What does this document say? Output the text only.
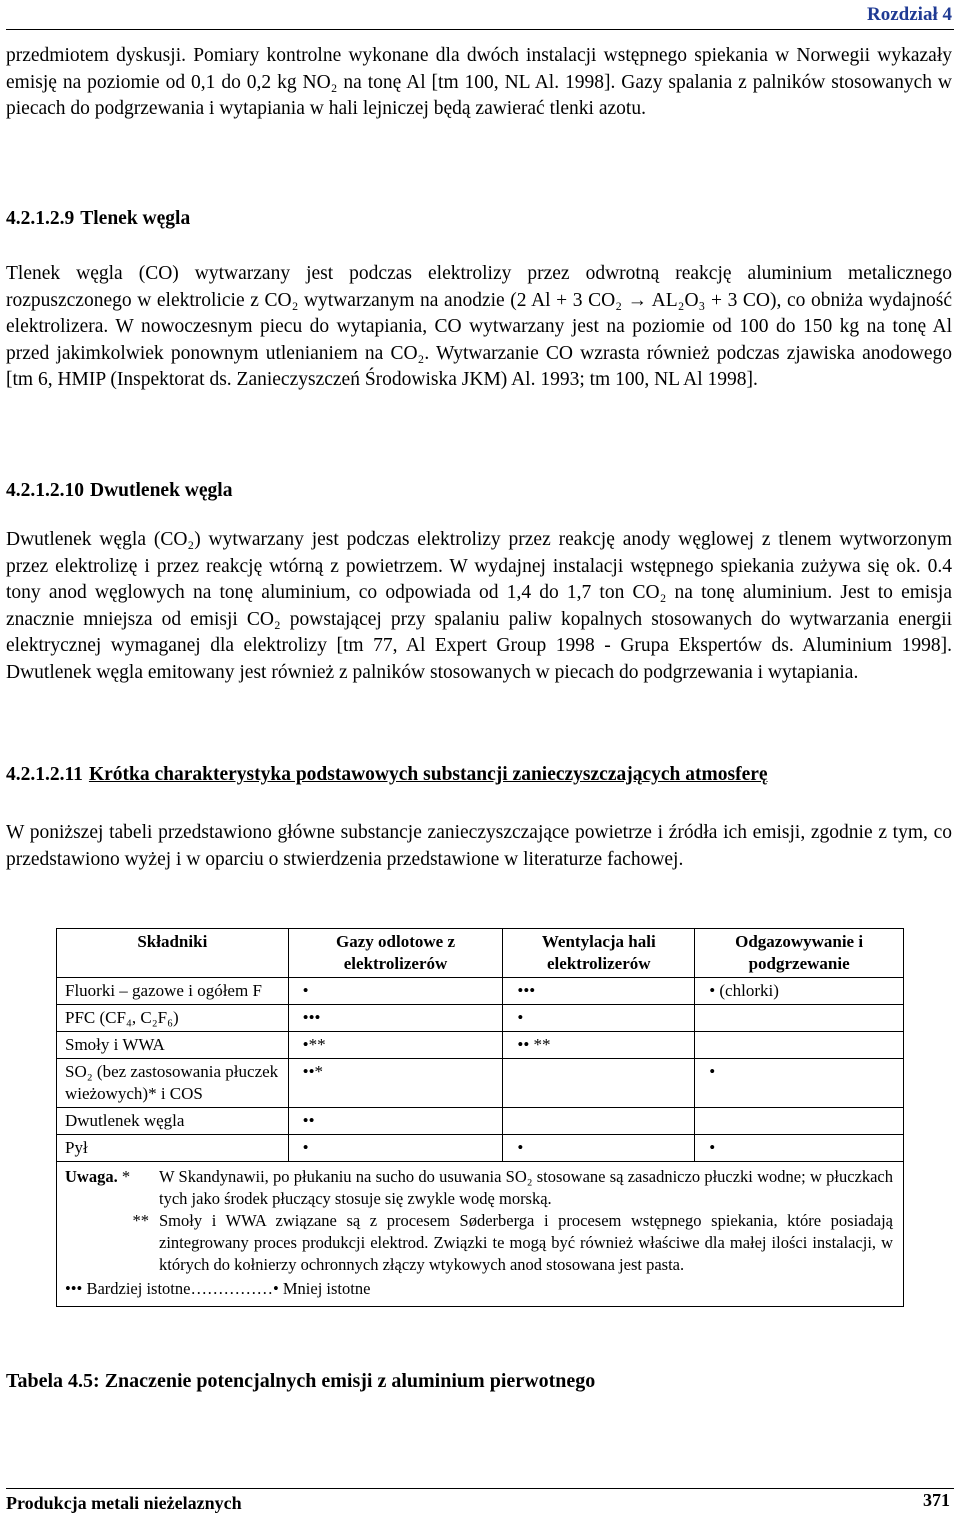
Rozdział 4

przedmiotem dyskusji. Pomiary kontrolne wykonane dla dwóch instalacji wstępnego spiekania w Norwegii wykazały emisję na poziomie od 0,1 do 0,2 kg NO₂ na tonę Al [tm 100, NL Al. 1998]. Gazy spalania z palników stosowanych w piecach do podgrzewania i wytapiania w hali lejniczej będą zawierać tlenki azotu.

4.2.1.2.9 Tlenek węgla

Tlenek węgla (CO) wytwarzany jest podczas elektrolizy przez odwrotną reakcję aluminium metalicznego rozpuszczonego w elektrolicie z CO₂ wytwarzanym na anodzie (2 Al + 3 CO₂ → AL₂O₃ + 3 CO), co obniża wydajność elektrolizera. W nowoczesnym piecu do wytapiania, CO wytwarzany jest na poziomie od 100 do 150 kg na tonę Al przed jakimkolwiek ponownym utlenianiem na CO₂. Wytwarzanie CO wzrasta również podczas zjawiska anodowego [tm 6, HMIP (Inspektorat ds. Zanieczyszczeń Środowiska JKM) Al. 1993; tm 100, NL Al 1998].

4.2.1.2.10 Dwutlenek węgla

Dwutlenek węgla (CO₂) wytwarzany jest podczas elektrolizy przez reakcję anody węglowej z tlenem wytworzonym przez elektrolizę i przez reakcję wtórną z powietrzem. W wydajnej instalacji wstępnego spiekania zużywa się ok. 0.4 tony anod węglowych na tonę aluminium, co odpowiada od 1,4 do 1,7 ton CO₂ na tonę aluminium. Jest to emisja znacznie mniejsza od emisji CO₂ powstającej przy spalaniu paliw kopalnych stosowanych do wytwarzania energii elektrycznej wymaganej dla elektrolizy [tm 77, Al Expert Group 1998 - Grupa Ekspertów ds. Aluminium 1998]. Dwutlenek węgla emitowany jest również z palników stosowanych w piecach do podgrzewania i wytapiania.

4.2.1.2.11 Krótka charakterystyka podstawowych substancji zanieczyszczających atmosferę

W poniższej tabeli przedstawiono główne substancje zanieczyszczające powietrze i źródła ich emisji, zgodnie z tym, co przedstawiono wyżej i w oparciu o stwierdzenia przedstawione w literaturze fachowej.

Składniki	Gazy odlotowe z elektrolizerów	Wentylacja hali elektrolizerów	Odgazowywanie i podgrzewanie
Fluorki – gazowe i ogółem F	•	•••	• (chlorki)
PFC (CF₄, C₂F₆)	•••	•	
Smoły i WWA	•**	•• **	
SO₂ (bez zastosowania płuczek wieżowych)* i COS	••*		•
Dwutlenek węgla	••		
Pył	•	•	•

Uwaga. * W Skandynawii, po płukaniu na sucho do usuwania SO₂ stosowane są zasadniczo płuczki wodne; w płuczkach tych jako środek płuczący stosuje się zwykle wodę morską.
** Smoły i WWA związane są z procesem Søderberga i procesem wstępnego spiekania, które posiadają zintegrowany proces produkcji elektrod. Związki te mogą być również właściwe dla małej ilości instalacji, w których do kołnierzy ochronnych złączy wtykowych anod stosowana jest pasta.
••• Bardziej istotne……………• Mniej istotne			

Tabela 4.5: Znaczenie potencjalnych emisji z aluminium pierwotnego

Produkcja metali nieżelaznych	371
